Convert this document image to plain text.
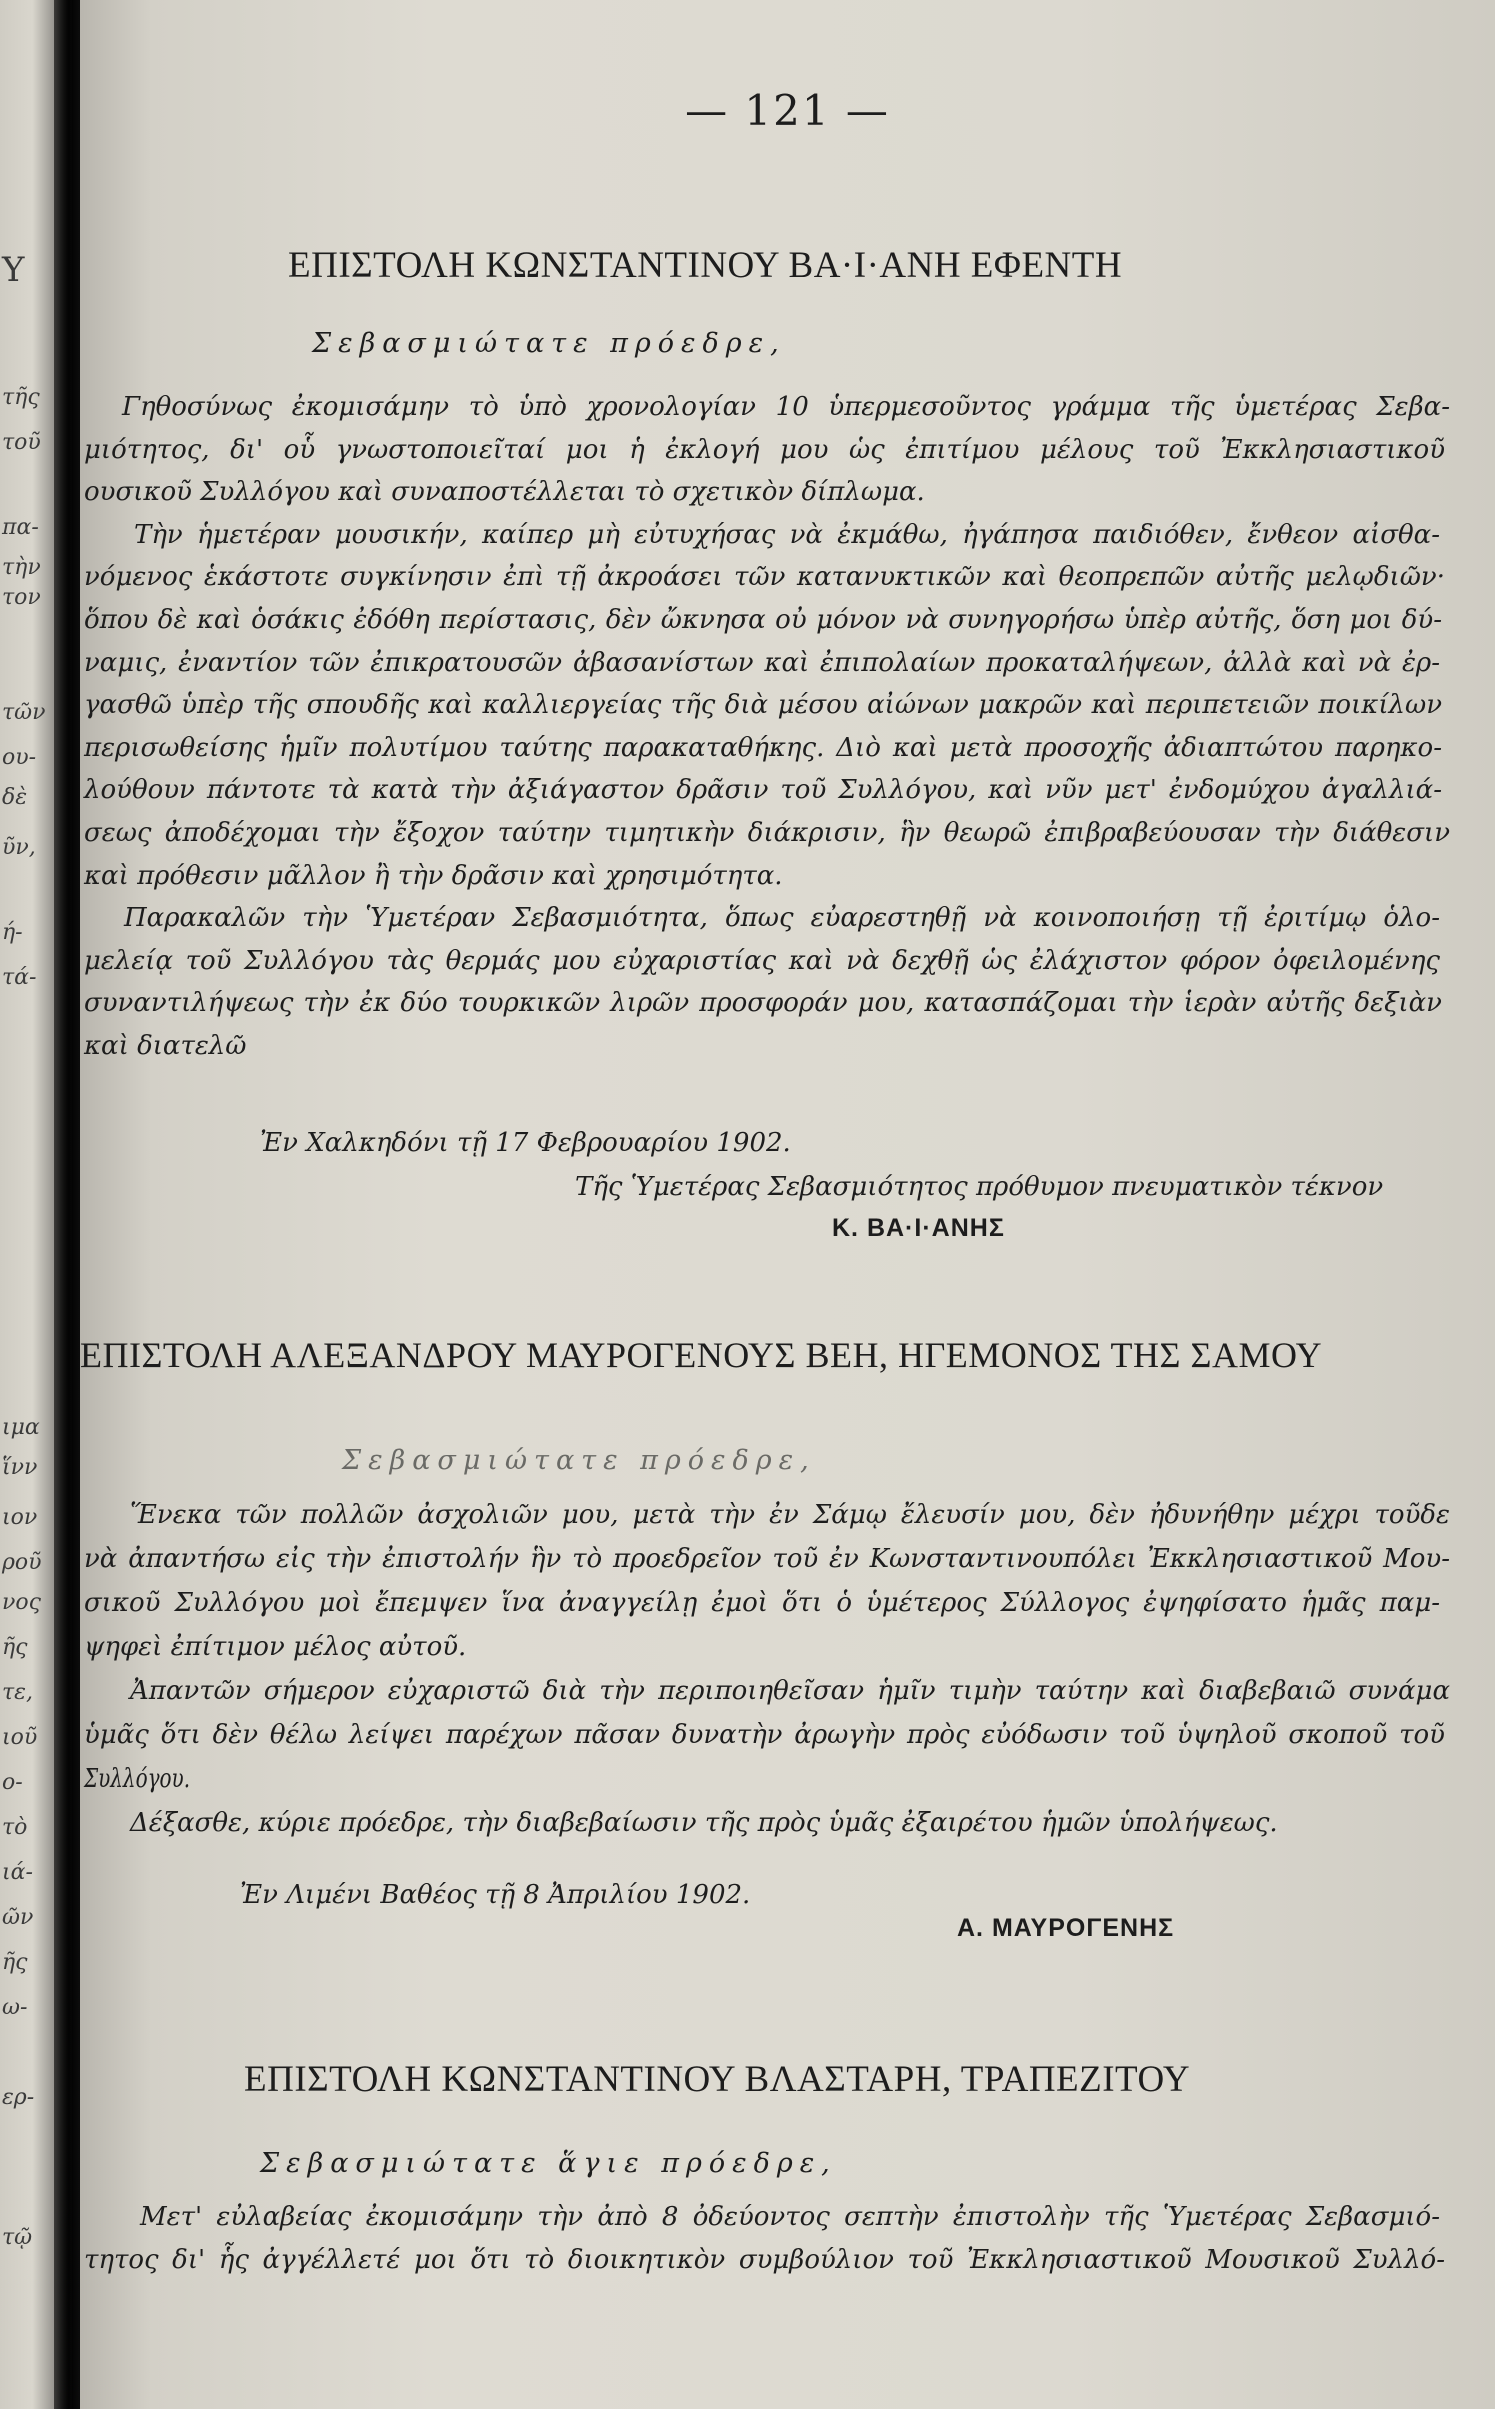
Υ
τῆς
τοῦ
πα-
τὴν
τον
τῶν
ου-
δὲ
ῦν,
ή-
τά-
ιμα
ἵνν
ιον
ροῦ
νος
ῆς
τε,
ιοῦ
ο-
τὸ
ιά-
ῶν
ῆς
ω-
ερ-
τῷ
— 121 —
ΕΠΙΣΤΟΛΗ ΚΩΝΣΤΑΝΤΙΝΟΥ ΒΑ·Ι·ΑΝΗ ΕΦΕΝΤΗ
Σεβασμιώτατε πρόεδρε,
Γηθοσύνως ἐκομισάμην τὸ ὑπὸ χρονολογίαν 10 ὑπερμεσοῦντος γράμμα τῆς ὑμετέρας Σεβα-
μιότητος, δι' οὗ γνωστοποιεῖταί μοι ἡ ἐκλογή μου ὡς ἐπιτίμου μέλους τοῦ Ἐκκλησιαστικοῦ
ουσικοῦ Συλλόγου καὶ συναποστέλλεται τὸ σχετικὸν δίπλωμα.
Τὴν ἡμετέραν μουσικήν, καίπερ μὴ εὐτυχήσας νὰ ἐκμάθω, ἠγάπησα παιδιόθεν, ἔνθεον αἰσθα-
νόμενος ἑκάστοτε συγκίνησιν ἐπὶ τῇ ἀκροάσει τῶν κατανυκτικῶν καὶ θεοπρεπῶν αὐτῆς μελῳδιῶν·
ὅπου δὲ καὶ ὁσάκις ἐδόθη περίστασις, δὲν ὤκνησα οὐ μόνον νὰ συνηγορήσω ὑπὲρ αὐτῆς, ὅση μοι δύ-
ναμις, ἐναντίον τῶν ἐπικρατουσῶν ἀβασανίστων καὶ ἐπιπολαίων προκαταλήψεων, ἀλλὰ καὶ νὰ ἐρ-
γασθῶ ὑπὲρ τῆς σπουδῆς καὶ καλλιεργείας τῆς διὰ μέσου αἰώνων μακρῶν καὶ περιπετειῶν ποικίλων
περισωθείσης ἡμῖν πολυτίμου ταύτης παρακαταθήκης. Διὸ καὶ μετὰ προσοχῆς ἀδιαπτώτου παρηκο-
λούθουν πάντοτε τὰ κατὰ τὴν ἀξιάγαστον δρᾶσιν τοῦ Συλλόγου, καὶ νῦν μετ' ἐνδομύχου ἀγαλλιά-
σεως ἀποδέχομαι τὴν ἔξοχον ταύτην τιμητικὴν διάκρισιν, ἣν θεωρῶ ἐπιβραβεύουσαν τὴν διάθεσιν
καὶ πρόθεσιν μᾶλλον ἢ τὴν δρᾶσιν καὶ χρησιμότητα.
Παρακαλῶν τὴν Ὑμετέραν Σεβασμιότητα, ὅπως εὐαρεστηθῇ νὰ κοινοποιήσῃ τῇ ἐριτίμῳ ὁλο-
μελείᾳ τοῦ Συλλόγου τὰς θερμάς μου εὐχαριστίας καὶ νὰ δεχθῇ ὡς ἐλάχιστον φόρον ὀφειλομένης
συναντιλήψεως τὴν ἐκ δύο τουρκικῶν λιρῶν προσφοράν μου, κατασπάζομαι τὴν ἱερὰν αὐτῆς δεξιὰν
καὶ διατελῶ
Ἐν Χαλκηδόνι τῇ 17 Φεβρουαρίου 1902.
Τῆς Ὑμετέρας Σεβασμιότητος πρόθυμον πνευματικὸν τέκνον
Κ. ΒΑ·Ι·ΑΝΗΣ
ΕΠΙΣΤΟΛΗ ΑΛΕΞΑΝΔΡΟΥ ΜΑΥΡΟΓΕΝΟΥΣ ΒΕΗ, ΗΓΕΜΟΝΟΣ ΤΗΣ ΣΑΜΟΥ
Σεβασμιώτατε πρόεδρε,
Ἕνεκα τῶν πολλῶν ἀσχολιῶν μου, μετὰ τὴν ἐν Σάμῳ ἔλευσίν μου, δὲν ἠδυνήθην μέχρι τοῦδε
νὰ ἀπαντήσω εἰς τὴν ἐπιστολήν ἣν τὸ προεδρεῖον τοῦ ἐν Κωνσταντινουπόλει Ἐκκλησιαστικοῦ Μου-
σικοῦ Συλλόγου μοὶ ἔπεμψεν ἵνα ἀναγγείλῃ ἐμοὶ ὅτι ὁ ὑμέτερος Σύλλογος ἐψηφίσατο ἡμᾶς παμ-
ψηφεὶ ἐπίτιμον μέλος αὐτοῦ.
Ἀπαντῶν σήμερον εὐχαριστῶ διὰ τὴν περιποιηθεῖσαν ἡμῖν τιμὴν ταύτην καὶ διαβεβαιῶ συνάμα
ὑμᾶς ὅτι δὲν θέλω λείψει παρέχων πᾶσαν δυνατὴν ἀρωγὴν πρὸς εὐόδωσιν τοῦ ὑψηλοῦ σκοποῦ τοῦ
Συλλόγου.
Δέξασθε, κύριε πρόεδρε, τὴν διαβεβαίωσιν τῆς πρὸς ὑμᾶς ἐξαιρέτου ἡμῶν ὑπολήψεως.
Ἐν Λιμένι Βαθέος τῇ 8 Ἀπριλίου 1902.
Α. ΜΑΥΡΟΓΕΝΗΣ
ΕΠΙΣΤΟΛΗ ΚΩΝΣΤΑΝΤΙΝΟΥ ΒΛΑΣΤΑΡΗ, ΤΡΑΠΕΖΙΤΟΥ
Σεβασμιώτατε ἅγιε πρόεδρε,
Μετ' εὐλαβείας ἐκομισάμην τὴν ἀπὸ 8 ὀδεύοντος σεπτὴν ἐπιστολὴν τῆς Ὑμετέρας Σεβασμιό-
τητος δι' ἧς ἀγγέλλετέ μοι ὅτι τὸ διοικητικὸν συμβούλιον τοῦ Ἐκκλησιαστικοῦ Μουσικοῦ Συλλό-
